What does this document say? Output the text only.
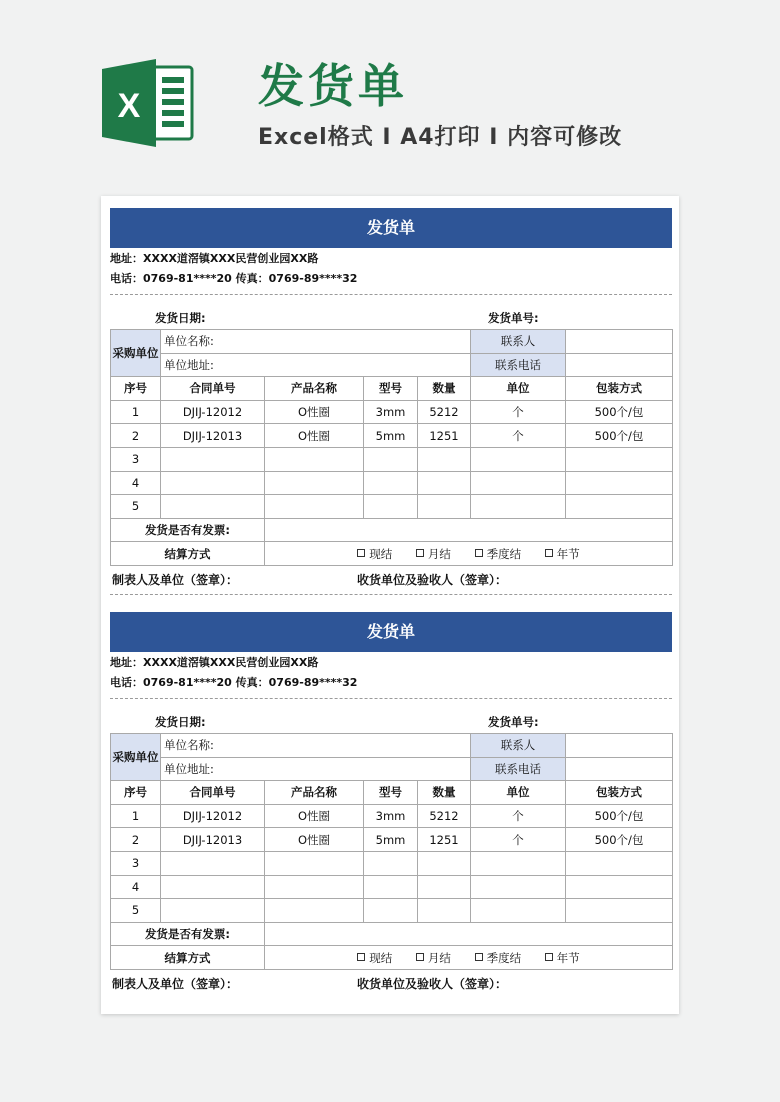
X	发货单
Excel格式 I A4打印 I 内容可修改
发货单
地址：XXXX道滘镇XXX民营创业园XX路
电话：0769-81****20 传真：0769-89****32
发货日期:	发货单号:
采购单位	单位名称:				联系人	
	单位地址:				联系电话	
序号	合同单号	产品名称	型号	数量	单位	包装方式
1	DJIJ-12012	O性圈	3mm	5212	个	500个/包
2	DJIJ-12013	O性圈	5mm	1251	个	500个/包
3						
4						
5						
发货是否有发票:						
结算方式		现结 月结 季度结 年节				
制表人及单位（签章）：	收货单位及验收人（签章）：
发货单
地址：XXXX道滘镇XXX民营创业园XX路
电话：0769-81****20 传真：0769-89****32
发货日期:	发货单号:
采购单位	单位名称:				联系人	
	单位地址:				联系电话	
序号	合同单号	产品名称	型号	数量	单位	包装方式
1	DJIJ-12012	O性圈	3mm	5212	个	500个/包
2	DJIJ-12013	O性圈	5mm	1251	个	500个/包
3						
4						
5						
发货是否有发票:						
结算方式		现结 月结 季度结 年节				
制表人及单位（签章）：	收货单位及验收人（签章）：
